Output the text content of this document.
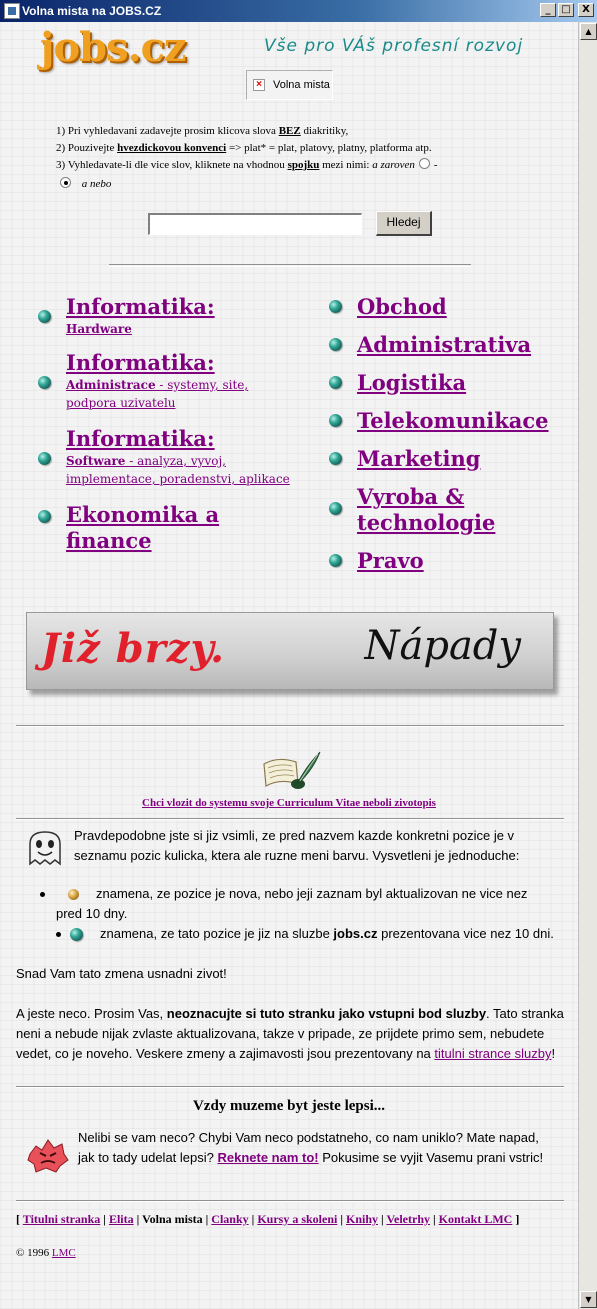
Volna mista na JOBS.CZ	_	□	X
jobs.cz	Vše pro VÁš profesní rozvoj
× Volna mista
1) Pri vyhledavani zadavejte prosim klicova slova BEZ diakritiky,
2) Pouzivejte hvezdickovou konvenci => plat* = plat, platovy, platny, platforma atp.
3) Vyhledavate-li dle vice slov, kliknete na vhodnou spojku mezi nimi: a zaroven -
a nebo
Hledej
Informatika:
Hardware
Informatika:
Administrace - systemy, site, podpora uzivatelu
Informatika:
Software - analyza, vyvoj, implementace, poradenstvi, aplikace
Ekonomika a finance
Obchod
Administrativa
Logistika
Telekomunikace
Marketing
Vyroba & technologie
Pravo
Již brzy.	Nápady
Chci vlozit do systemu svoje Curriculum Vitae neboli zivotopis
Pravdepodobne jste si jiz vsimli, ze pred nazvem kazde konkretni pozice je v seznamu pozic kulicka, ktera ale ruzne meni barvu. Vysvetleni je jednoduche:
znamena, ze pozice je nova, nebo jeji zaznam byl aktualizovan ne vice nez pred 10 dny.
znamena, ze tato pozice je jiz na sluzbe jobs.cz prezentovana vice nez 10 dni.
Snad Vam tato zmena usnadni zivot!
A jeste neco. Prosim Vas, neoznacujte si tuto stranku jako vstupni bod sluzby. Tato stranka neni a nebude nijak zvlaste aktualizovana, takze v pripade, ze prijdete primo sem, nebudete vedet, co je noveho. Veskere zmeny a zajimavosti jsou prezentovany na titulni strance sluzby!
Vzdy muzeme byt jeste lepsi...
Nelibi se vam neco? Chybi Vam neco podstatneho, co nam uniklo? Mate napad, jak to tady udelat lepsi? Reknete nam to! Pokusime se vyjit Vasemu prani vstric!
[ Titulni stranka | Elita | Volna mista | Clanky | Kursy a skoleni | Knihy | Veletrhy | Kontakt LMC ]
© 1996 LMC
▲
▼
